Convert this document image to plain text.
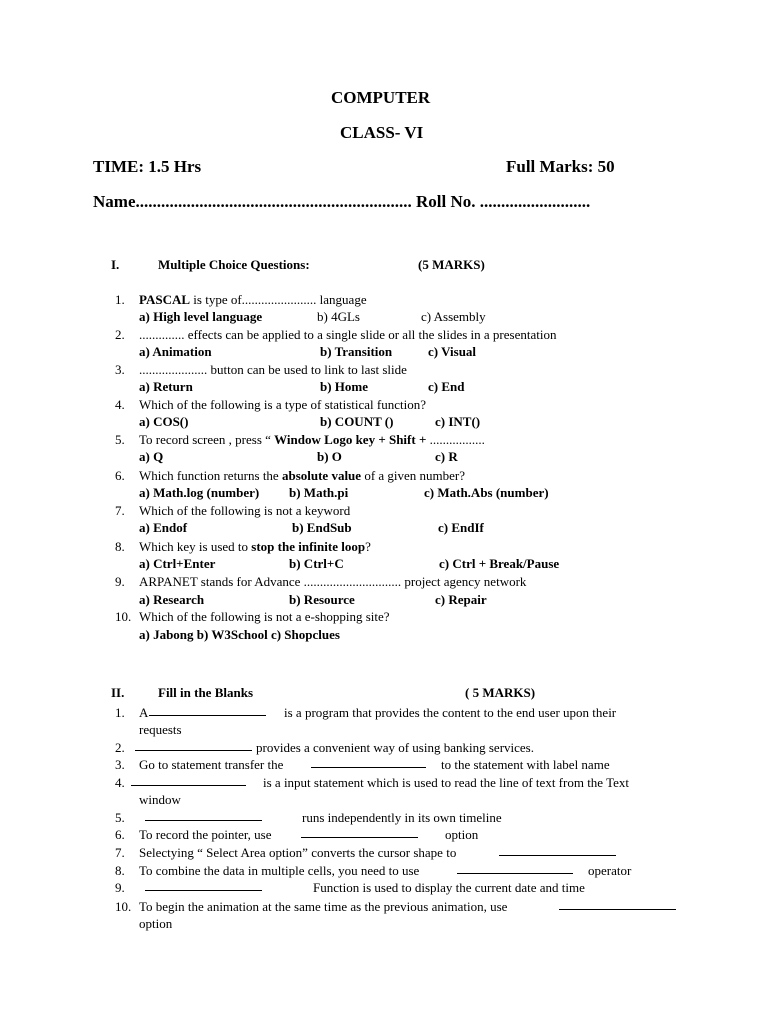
COMPUTER
CLASS- VI
TIME: 1.5 Hrs	Full Marks: 50
Name................................................................. Roll No. ..........................
I.	Multiple Choice Questions:	(5 MARKS)
1. PASCAL is type of....................... language
a) High level language	b) 4GLs	c) Assembly
2. .............. effects can be applied to a single slide or all the slides in a presentation
a) Animation	b) Transition	c) Visual
3. ..................... button can be used to link to last slide
a) Return	b) Home	c) End
4. Which of the following is a type of statistical function?
a) COS()	b) COUNT ()	c) INT()
5. To record screen , press “ Window Logo key + Shift + .................
a) Q	b) O	c) R
6. Which function returns the absolute value of a given number?
a) Math.log (number) b) Math.pi	c) Math.Abs (number)
7. Which of the following is not a keyword
a) Endof	b) EndSub	c) EndIf
8. Which key is used to stop the infinite loop?
a) Ctrl+Enter	b) Ctrl+C	c) Ctrl + Break/Pause
9. ARPANET stands for Advance .............................. project agency network
a) Research	b) Resource	c) Repair
10. Which of the following is not a e-shopping site?
a) Jabong b) W3School c) Shopclues
II.	Fill in the Blanks	( 5 MARKS)
1. A	is a program that provides the content to the end user upon their
requests
2.	provides a convenient way of using banking services.
3. Go to statement transfer the	to the statement with label name
4.	is a input statement which is used to read the line of text from the Text
window
5.	runs independently in its own timeline
6. To record the pointer, use	option
7. Selectying “ Select Area option” converts the cursor shape to
8. To combine the data in multiple cells, you need to use	operator
9.	Function is used to display the current date and time
10. To begin the animation at the same time as the previous animation, use
option
